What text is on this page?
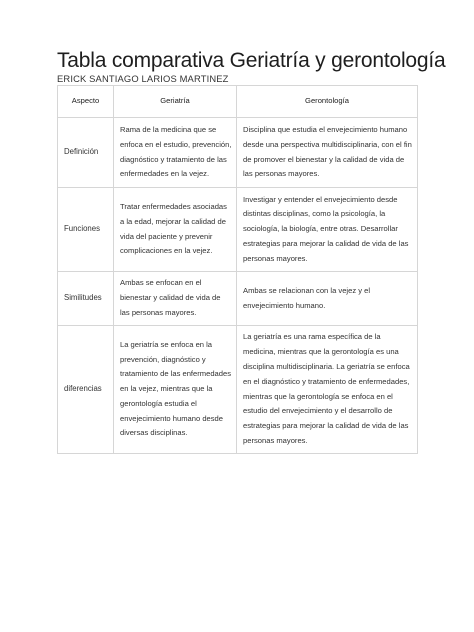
Tabla comparativa Geriatría y gerontología
ERICK SANTIAGO LARIOS MARTINEZ
Aspecto	Geriatría	Gerontología

Definición	Rama de la medicina que se enfoca en el estudio, prevención, diagnóstico y tratamiento de las enfermedades en la vejez.	Disciplina que estudia el envejecimiento humano desde una perspectiva multidisciplinaria, con el fin de promover el bienestar y la calidad de vida de las personas mayores.

Funciones	Tratar enfermedades asociadas a la edad, mejorar la calidad de vida del paciente y prevenir complicaciones en la vejez.	Investigar y entender el envejecimiento desde distintas disciplinas, como la psicología, la sociología, la biología, entre otras. Desarrollar estrategias para mejorar la calidad de vida de las personas mayores.

Similitudes	Ambas se enfocan en el bienestar y calidad de vida de las personas mayores.	Ambas se relacionan con la vejez y el envejecimiento humano.

diferencias	La geriatría se enfoca en la prevención, diagnóstico y tratamiento de las enfermedades en la vejez, mientras que la gerontología estudia el envejecimiento humano desde diversas disciplinas.	La geriatría es una rama específica de la medicina, mientras que la gerontología es una disciplina multidisciplinaria. La geriatría se enfoca en el diagnóstico y tratamiento de enfermedades, mientras que la gerontología se enfoca en el estudio del envejecimiento y el desarrollo de estrategias para mejorar la calidad de vida de las personas mayores.
